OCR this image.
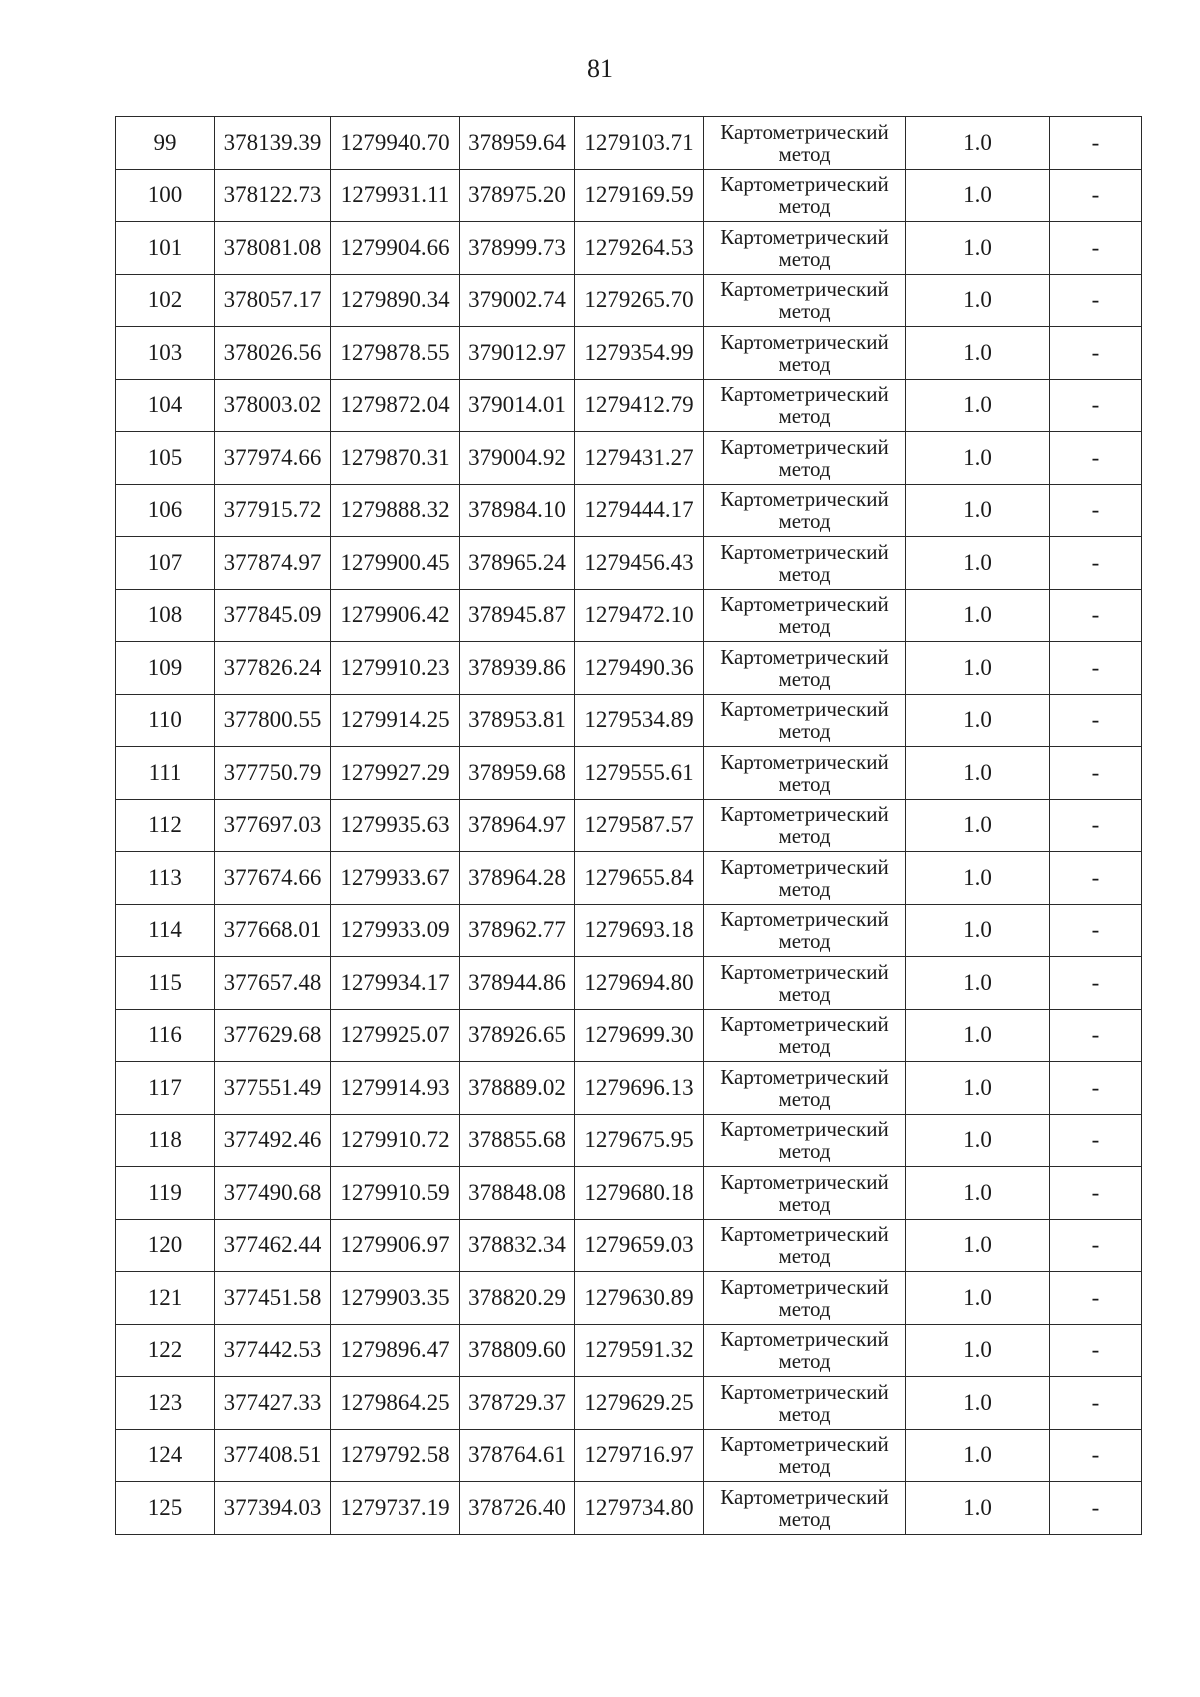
81
99	378139.39	1279940.70	378959.64	1279103.71	Картометрический
метод	1.0	-
100	378122.73	1279931.11	378975.20	1279169.59	Картометрический
метод	1.0	-
101	378081.08	1279904.66	378999.73	1279264.53	Картометрический
метод	1.0	-
102	378057.17	1279890.34	379002.74	1279265.70	Картометрический
метод	1.0	-
103	378026.56	1279878.55	379012.97	1279354.99	Картометрический
метод	1.0	-
104	378003.02	1279872.04	379014.01	1279412.79	Картометрический
метод	1.0	-
105	377974.66	1279870.31	379004.92	1279431.27	Картометрический
метод	1.0	-
106	377915.72	1279888.32	378984.10	1279444.17	Картометрический
метод	1.0	-
107	377874.97	1279900.45	378965.24	1279456.43	Картометрический
метод	1.0	-
108	377845.09	1279906.42	378945.87	1279472.10	Картометрический
метод	1.0	-
109	377826.24	1279910.23	378939.86	1279490.36	Картометрический
метод	1.0	-
110	377800.55	1279914.25	378953.81	1279534.89	Картометрический
метод	1.0	-
111	377750.79	1279927.29	378959.68	1279555.61	Картометрический
метод	1.0	-
112	377697.03	1279935.63	378964.97	1279587.57	Картометрический
метод	1.0	-
113	377674.66	1279933.67	378964.28	1279655.84	Картометрический
метод	1.0	-
114	377668.01	1279933.09	378962.77	1279693.18	Картометрический
метод	1.0	-
115	377657.48	1279934.17	378944.86	1279694.80	Картометрический
метод	1.0	-
116	377629.68	1279925.07	378926.65	1279699.30	Картометрический
метод	1.0	-
117	377551.49	1279914.93	378889.02	1279696.13	Картометрический
метод	1.0	-
118	377492.46	1279910.72	378855.68	1279675.95	Картометрический
метод	1.0	-
119	377490.68	1279910.59	378848.08	1279680.18	Картометрический
метод	1.0	-
120	377462.44	1279906.97	378832.34	1279659.03	Картометрический
метод	1.0	-
121	377451.58	1279903.35	378820.29	1279630.89	Картометрический
метод	1.0	-
122	377442.53	1279896.47	378809.60	1279591.32	Картометрический
метод	1.0	-
123	377427.33	1279864.25	378729.37	1279629.25	Картометрический
метод	1.0	-
124	377408.51	1279792.58	378764.61	1279716.97	Картометрический
метод	1.0	-
125	377394.03	1279737.19	378726.40	1279734.80	Картометрический
метод	1.0	-
